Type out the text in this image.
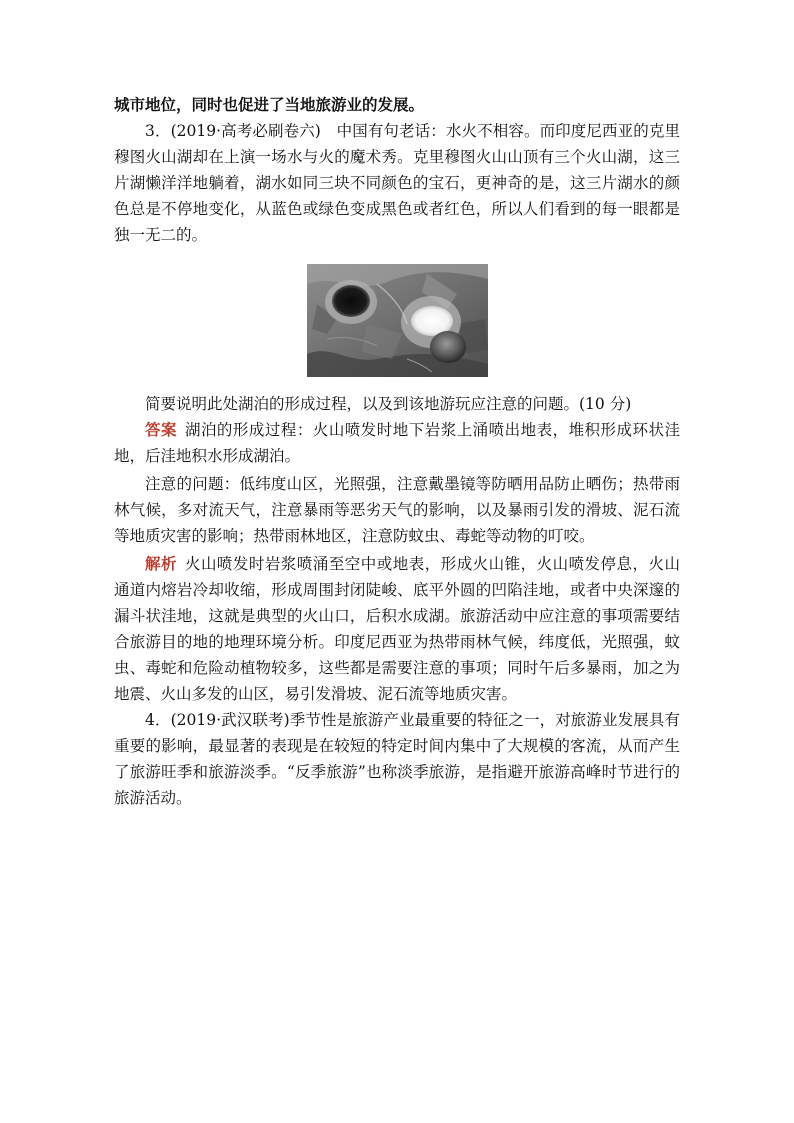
城市地位，同时也促进了当地旅游业的发展。

3．(2019·高考必刷卷六)　 中国有句老话：水火不相容。而印度尼西亚的克里穆图火山湖却在上演一场水与火的魔术秀。克里穆图火山山顶有三个火山湖，这三片湖懒洋洋地躺着，湖水如同三块不同颜色的宝石，更神奇的是，这三片湖水的颜色总是不停地变化，从蓝色或绿色变成黑色或者红色，所以人们看到的每一眼都是独一无二的。

简要说明此处湖泊的形成过程，以及到该地游玩应注意的问题。(10 分)

答案 湖泊的形成过程：火山喷发时地下岩浆上涌喷出地表，堆积形成环状洼地，后洼地积水形成湖泊。

注意的问题：低纬度山区，光照强，注意戴墨镜等防晒用品防止晒伤；热带雨林气候，多对流天气，注意暴雨等恶劣天气的影响，以及暴雨引发的滑坡、泥石流等地质灾害的影响；热带雨林地区，注意防蚊虫、毒蛇等动物的叮咬。

解析 火山喷发时岩浆喷涌至空中或地表，形成火山锥，火山喷发停息，火山通道内熔岩冷却收缩，形成周围封闭陡峻、底平外圆的凹陷洼地，或者中央深邃的漏斗状洼地，这就是典型的火山口，后积水成湖。旅游活动中应注意的事项需要结合旅游目的地的地理环境分析。印度尼西亚为热带雨林气候，纬度低，光照强，蚊虫、毒蛇和危险动植物较多，这些都是需要注意的事项；同时午后多暴雨，加之为地震、火山多发的山区，易引发滑坡、泥石流等地质灾害。

4．(2019·武汉联考)季节性是旅游产业最重要的特征之一，对旅游业发展具有重要的影响，最显著的表现是在较短的特定时间内集中了大规模的客流，从而产生了旅游旺季和旅游淡季。“反季旅游”也称淡季旅游，是指避开旅游高峰时节进行的旅游活动。
